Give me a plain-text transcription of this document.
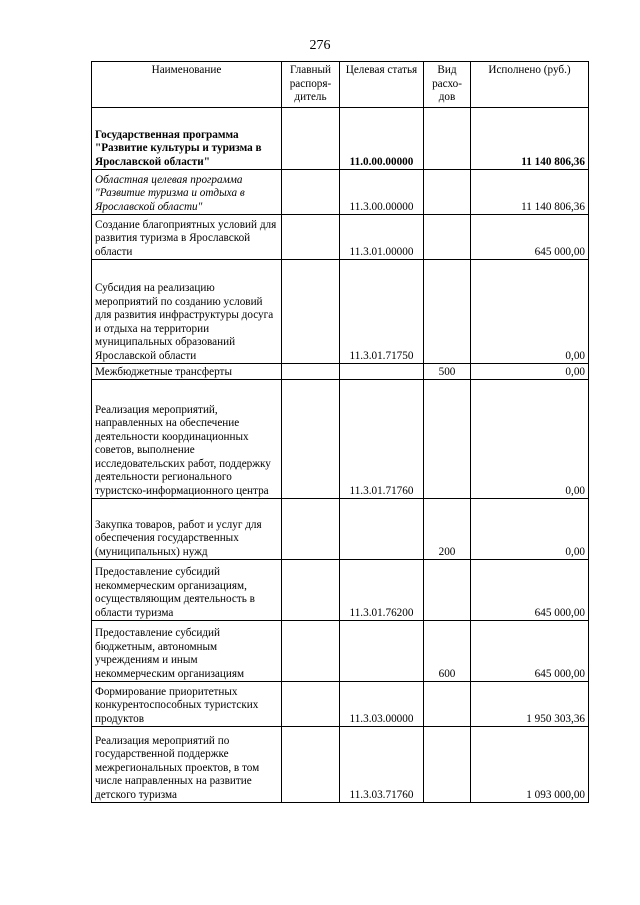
276
Наименование	Главный распоря-дитель	Целевая статья	Вид расхо-дов	Исполнено (руб.)
Государственная программа "Развитие культуры и туризма в Ярославской области"		11.0.00.00000		11 140 806,36
Областная целевая программа "Развитие туризма и отдыха в Ярославской области"		11.3.00.00000		11 140 806,36
Создание благоприятных условий для развития туризма в Ярославской области		11.3.01.00000		645 000,00
Субсидия на реализацию мероприятий по созданию условий для развития инфраструктуры досуга и отдыха на территории муниципальных образований Ярославской области		11.3.01.71750		0,00
Межбюджетные трансферты			500	0,00
Реализация мероприятий, направленных на обеспечение деятельности координационных советов, выполнение исследовательских работ, поддержку деятельности регионального туристско-информационного центра		11.3.01.71760		0,00
Закупка товаров, работ и услуг для обеспечения государственных (муниципальных) нужд			200	0,00
Предоставление субсидий некоммерческим организациям, осуществляющим деятельность в области туризма		11.3.01.76200		645 000,00
Предоставление субсидий бюджетным, автономным учреждениям и иным некоммерческим организациям			600	645 000,00
Формирование приоритетных конкурентоспособных туристских продуктов		11.3.03.00000		1 950 303,36
Реализация мероприятий по государственной поддержке межрегиональных проектов, в том числе направленных на развитие детского туризма		11.3.03.71760		1 093 000,00
